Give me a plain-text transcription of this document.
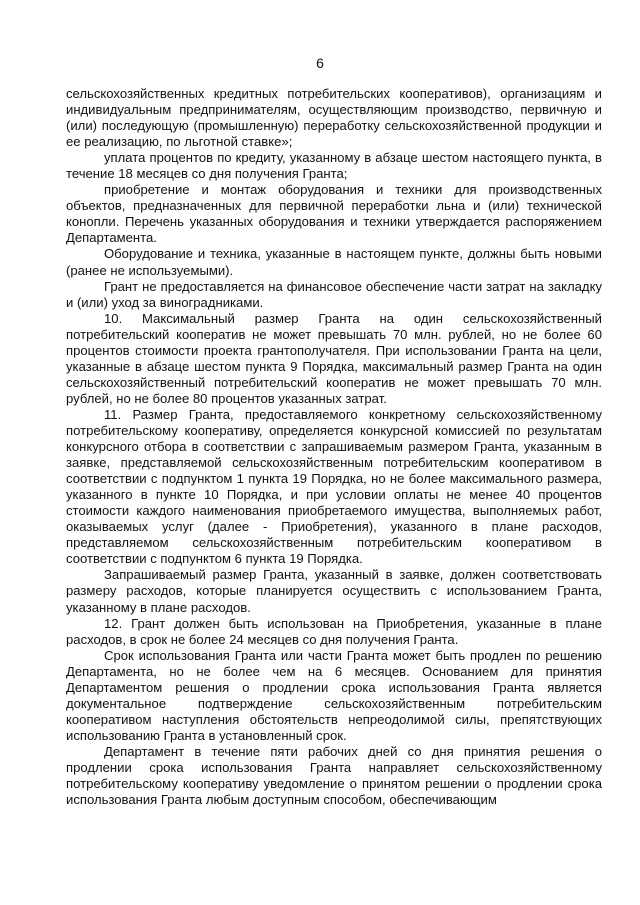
6

сельскохозяйственных кредитных потребительских кооперативов), организациям и индивидуальным предпринимателям, осуществляющим производство, первичную и (или) последующую (промышленную) переработку сельскохозяйственной продукции и ее реализацию, по льготной ставке»;

уплата процентов по кредиту, указанному в абзаце шестом настоящего пункта, в течение 18 месяцев со дня получения Гранта;

приобретение и монтаж оборудования и техники для производственных объектов, предназначенных для первичной переработки льна и (или) технической конопли. Перечень указанных оборудования и техники утверждается распоряжением Департамента.

Оборудование и техника, указанные в настоящем пункте, должны быть новыми (ранее не используемыми).

Грант не предоставляется на финансовое обеспечение части затрат на закладку и (или) уход за виноградниками.

10. Максимальный размер Гранта на один сельскохозяйственный потребительский кооператив не может превышать 70 млн. рублей, но не более 60 процентов стоимости проекта грантополучателя. При использовании Гранта на цели, указанные в абзаце шестом пункта 9 Порядка, максимальный размер Гранта на один сельскохозяйственный потребительский кооператив не может превышать 70 млн. рублей, но не более 80 процентов указанных затрат.

11. Размер Гранта, предоставляемого конкретному сельскохозяйственному потребительскому кооперативу, определяется конкурсной комиссией по результатам конкурсного отбора в соответствии с запрашиваемым размером Гранта, указанным в заявке, представляемой сельскохозяйственным потребительским кооперативом в соответствии с подпунктом 1 пункта 19 Порядка, но не более максимального размера, указанного в пункте 10 Порядка, и при условии оплаты не менее 40 процентов стоимости каждого наименования приобретаемого имущества, выполняемых работ, оказываемых услуг (далее - Приобретения), указанного в плане расходов, представляемом сельскохозяйственным потребительским кооперативом в соответствии с подпунктом 6 пункта 19 Порядка.

Запрашиваемый размер Гранта, указанный в заявке, должен соответствовать размеру расходов, которые планируется осуществить с использованием Гранта, указанному в плане расходов.

12. Грант должен быть использован на Приобретения, указанные в плане расходов, в срок не более 24 месяцев со дня получения Гранта.

Срок использования Гранта или части Гранта может быть продлен по решению Департамента, но не более чем на 6 месяцев. Основанием для принятия Департаментом решения о продлении срока использования Гранта является документальное подтверждение сельскохозяйственным потребительским кооперативом наступления обстоятельств непреодолимой силы, препятствующих использованию Гранта в установленный срок.

Департамент в течение пяти рабочих дней со дня принятия решения о продлении срока использования Гранта направляет сельскохозяйственному потребительскому кооперативу уведомление о принятом решении о продлении срока использования Гранта любым доступным способом, обеспечивающим
